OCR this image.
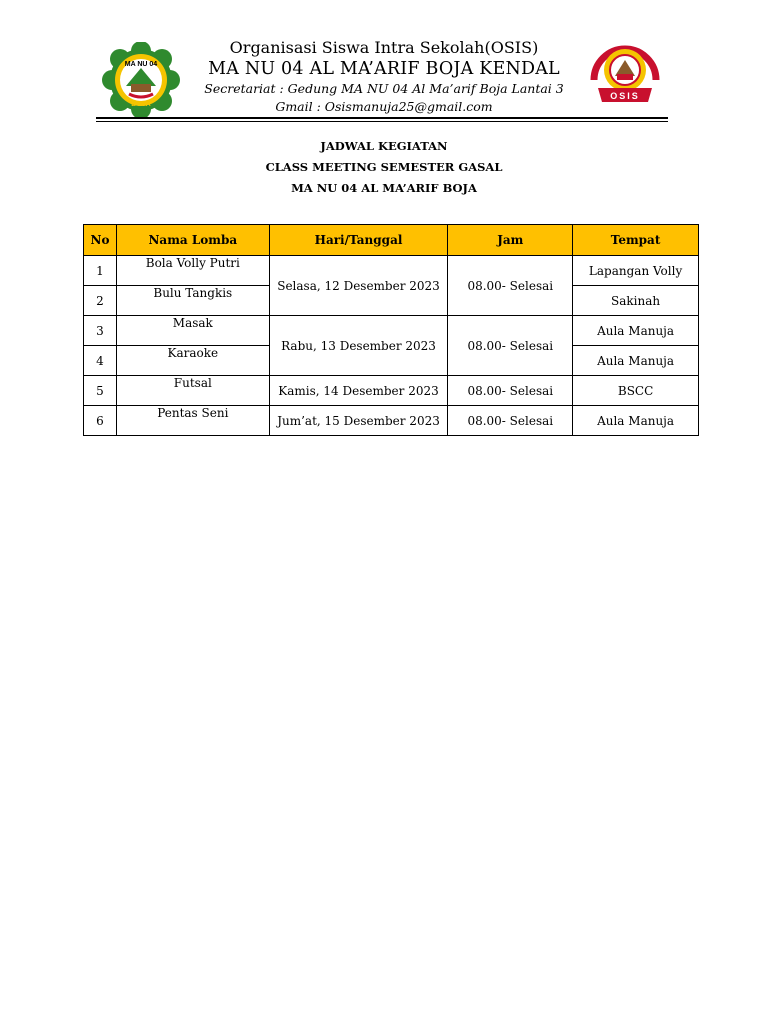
MA NU 04
BOJA
Organisasi Siswa Intra Sekolah(OSIS)
MA NU 04 AL MA’ARIF BOJA KENDAL
Secretariat : Gedung MA NU 04 Al Ma’arif Boja Lantai 3
Gmail : Osismanuja25@gmail.com
OSIS
JADWAL KEGIATAN
CLASS MEETING SEMESTER GASAL
MA NU 04 AL MA’ARIF BOJA
No	Nama Lomba	Hari/Tanggal	Jam	Tempat
1	Bola Volly Putri	Selasa, 12 Desember 2023	08.00- Selesai	Lapangan Volly
2	Bulu Tangkis			Sakinah
3	Masak	Rabu, 13 Desember 2023	08.00- Selesai	Aula Manuja
4	Karaoke			Aula Manuja
5	Futsal	Kamis, 14 Desember 2023	08.00- Selesai	BSCC
6	Pentas Seni	Jum’at, 15 Desember 2023	08.00- Selesai	Aula Manuja
